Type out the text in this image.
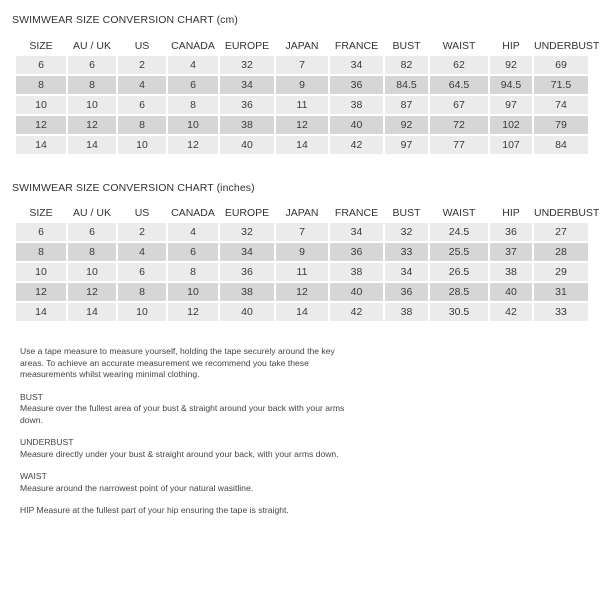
SWIMWEAR SIZE CONVERSION CHART (cm)
SIZE	AU / UK	US	CANADA	EUROPE	JAPAN	FRANCE	BUST	WAIST	HIP	UNDERBUST
6	6	2	4	32	7	34	82	62	92	69
8	8	4	6	34	9	36	84.5	64.5	94.5	71.5
10	10	6	8	36	11	38	87	67	97	74
12	12	8	10	38	12	40	92	72	102	79
14	14	10	12	40	14	42	97	77	107	84
SWIMWEAR SIZE CONVERSION CHART (inches)
SIZE	AU / UK	US	CANADA	EUROPE	JAPAN	FRANCE	BUST	WAIST	HIP	UNDERBUST
6	6	2	4	32	7	34	32	24.5	36	27
8	8	4	6	34	9	36	33	25.5	37	28
10	10	6	8	36	11	38	34	26.5	38	29
12	12	8	10	38	12	40	36	28.5	40	31
14	14	10	12	40	14	42	38	30.5	42	33

Use a tape measure to measure yourself, holding the tape securely around the key areas. To achieve an accurate measurement we recommend you take these measurements whilst wearing minimal clothing.

BUST
Measure over the fullest area of your bust & straight around your back with your arms down.

UNDERBUST
Measure directly under your bust & straight around your back, with your arms down.

WAIST
Measure around the narrowest point of your natural wasitline.

HIP Measure at the fullest part of your hip ensuring the tape is straight.
